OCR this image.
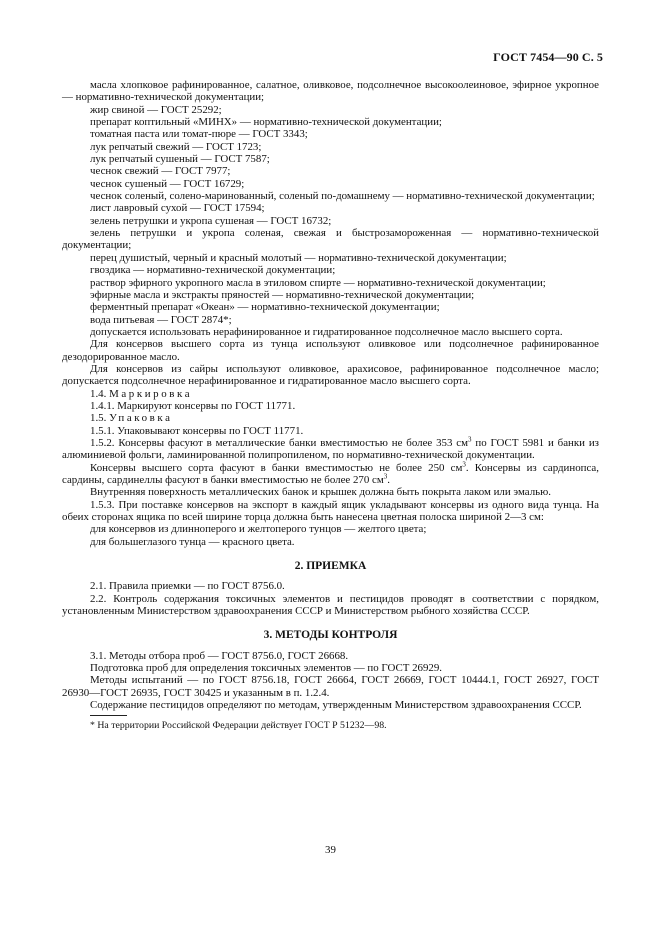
ГОСТ 7454—90 С. 5

масла хлопковое рафинированное, салатное, оливковое, подсолнечное высокоолеиновое, эфирное укропное — нормативно-технической документации;

жир свиной — ГОСТ 25292;

препарат коптильный «МИНХ» — нормативно-технической документации;

томатная паста или томат-пюре — ГОСТ 3343;

лук репчатый свежий — ГОСТ 1723;

лук репчатый сушеный — ГОСТ 7587;

чеснок свежий — ГОСТ 7977;

чеснок сушеный — ГОСТ 16729;

чеснок соленый, солено-маринованный, соленый по-домашнему — нормативно-технической документации;

лист лавровый сухой — ГОСТ 17594;

зелень петрушки и укропа сушеная — ГОСТ 16732;

зелень петрушки и укропа соленая, свежая и быстрозамороженная — нормативно-технической документации;

перец душистый, черный и красный молотый — нормативно-технической документации;

гвоздика — нормативно-технической документации;

раствор эфирного укропного масла в этиловом спирте — нормативно-технической документации;

эфирные масла и экстракты пряностей — нормативно-технической документации;

ферментный препарат «Океан» — нормативно-технической документации;

вода питьевая — ГОСТ 2874*;

допускается использовать нерафинированное и гидратированное подсолнечное масло высшего сорта.

Для консервов высшего сорта из тунца используют оливковое или подсолнечное рафинированное дезодорированное масло.

Для консервов из сайры используют оливковое, арахисовое, рафинированное подсолнечное масло; допускается подсолнечное нерафинированное и гидратированное масло высшего сорта.

1.4. Маркировка

1.4.1. Маркируют консервы по ГОСТ 11771.

1.5. Упаковка

1.5.1. Упаковывают консервы по ГОСТ 11771.

1.5.2. Консервы фасуют в металлические банки вместимостью не более 353 $см^3$ по ГОСТ 5981 и банки из алюминиевой фольги, ламинированной полипропиленом, по нормативно-технической документации.

Консервы высшего сорта фасуют в банки вместимостью не более 250 $см^3$. Консервы из сардинопса, сардины, сардинеллы фасуют в банки вместимостью не более 270 $см^3$.

Внутренняя поверхность металлических банок и крышек должна быть покрыта лаком или эмалью.

1.5.3. При поставке консервов на экспорт в каждый ящик укладывают консервы из одного вида тунца. На обеих сторонах ящика по всей ширине торца должна быть нанесена цветная полоска шириной 2—3 см:

для консервов из длинноперого и желтоперого тунцов — желтого цвета;

для большеглазого тунца — красного цвета.

2. ПРИЕМКА

2.1. Правила приемки — по ГОСТ 8756.0.

2.2. Контроль содержания токсичных элементов и пестицидов проводят в соответствии с порядком, установленным Министерством здравоохранения СССР и Министерством рыбного хозяйства СССР.

3. МЕТОДЫ КОНТРОЛЯ

3.1. Методы отбора проб — ГОСТ 8756.0, ГОСТ 26668.

Подготовка проб для определения токсичных элементов — по ГОСТ 26929.

Методы испытаний — по ГОСТ 8756.18, ГОСТ 26664, ГОСТ 26669, ГОСТ 10444.1, ГОСТ 26927, ГОСТ 26930—ГОСТ 26935, ГОСТ 30425 и указанным в п. 1.2.4.

Содержание пестицидов определяют по методам, утвержденным Министерством здравоохранения СССР.

* На территории Российской Федерации действует ГОСТ Р 51232—98.

39
